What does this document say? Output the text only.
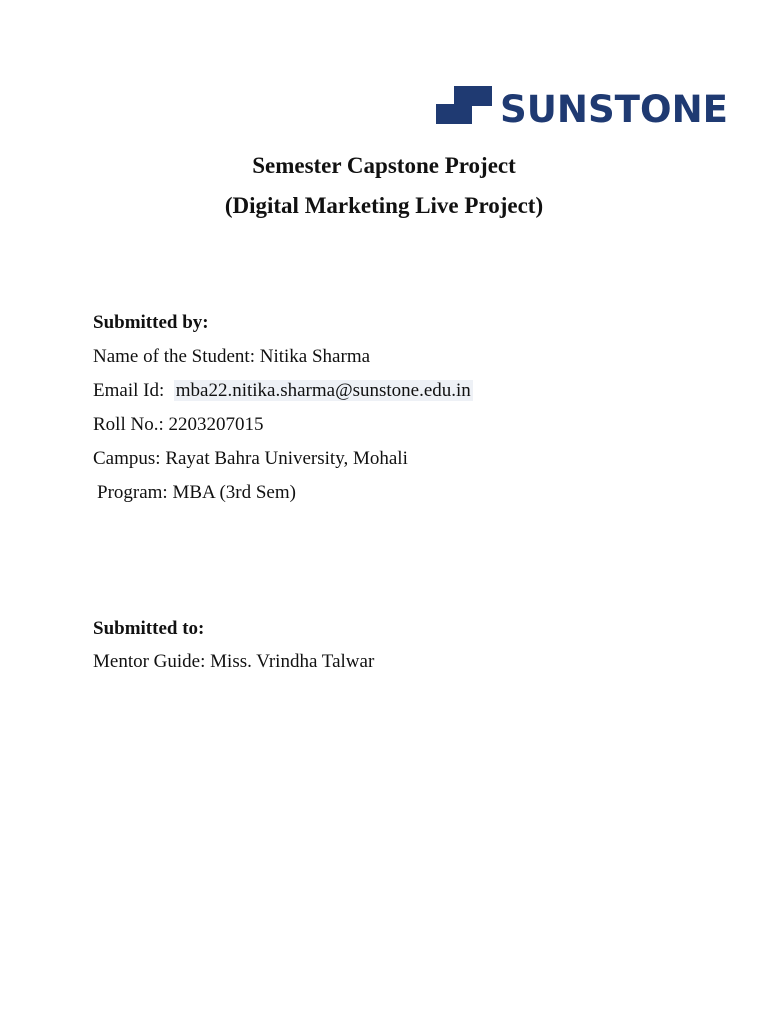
SUNSTONE
Semester Capstone Project
(Digital Marketing Live Project)
Submitted by:
Name of the Student: Nitika Sharma
Email Id: mba22.nitika.sharma@sunstone.edu.in
Roll No.: 2203207015
Campus: Rayat Bahra University, Mohali
Program: MBA (3rd Sem)
Submitted to:
Mentor Guide: Miss. Vrindha Talwar
